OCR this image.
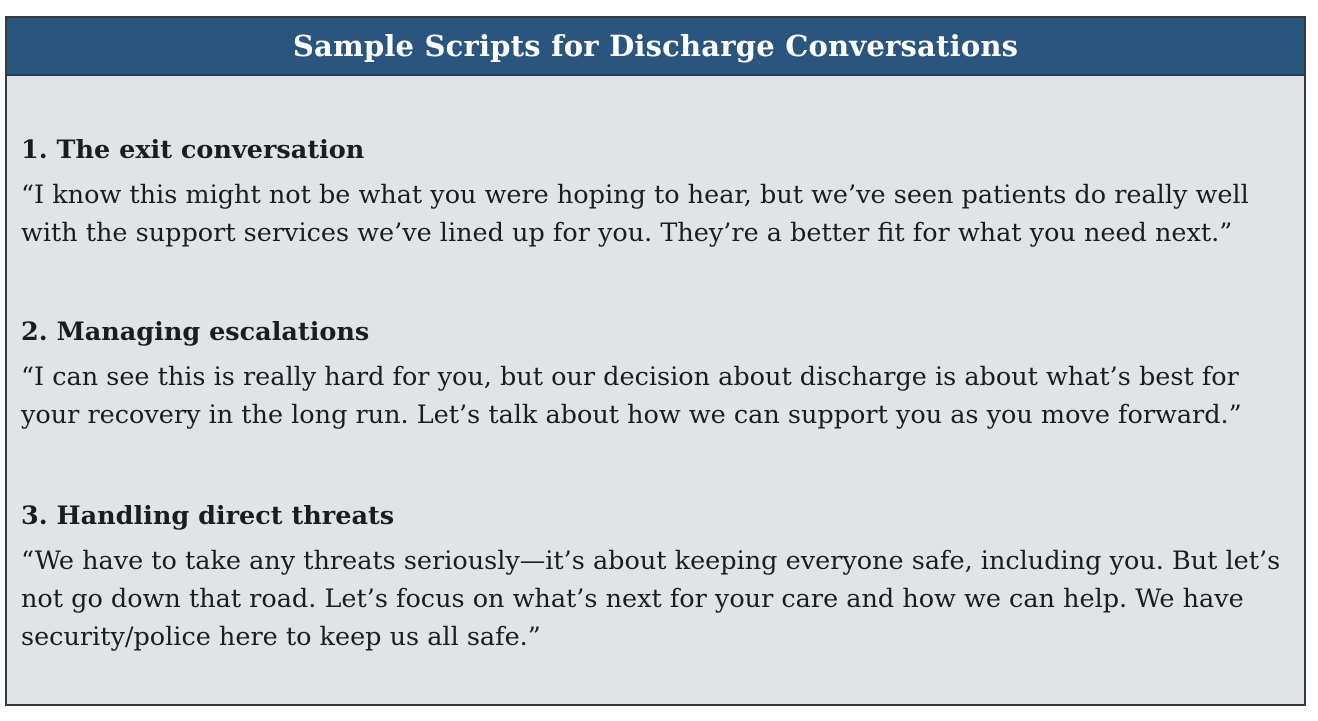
Sample Scripts for Discharge Conversations
1. The exit conversation

“I know this might not be what you were hoping to hear, but we’ve seen patients do really well
with the support services we’ve lined up for you. They’re a better fit for what you need next.”

2. Managing escalations

“I can see this is really hard for you, but our decision about discharge is about what’s best for
your recovery in the long run. Let’s talk about how we can support you as you move forward.”

3. Handling direct threats

“We have to take any threats seriously—it’s about keeping everyone safe, including you. But let’s
not go down that road. Let’s focus on what’s next for your care and how we can help. We have
security/police here to keep us all safe.”
